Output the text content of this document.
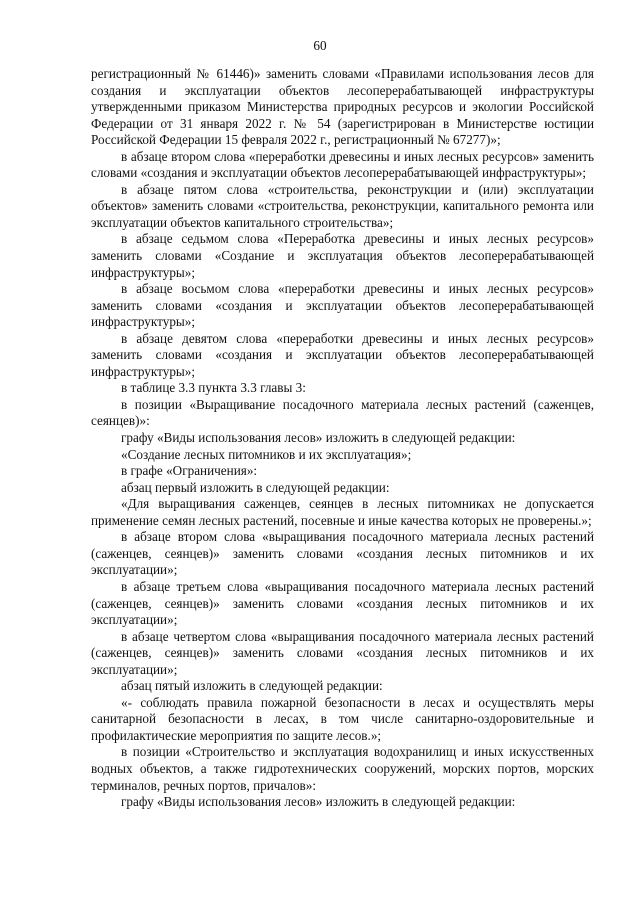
60

регистрационный № 61446)» заменить словами «Правилами использования лесов для создания и эксплуатации объектов лесоперерабатывающей инфраструктуры утвержденными приказом Министерства природных ресурсов и экологии Российской Федерации от 31 января 2022 г. № 54 (зарегистрирован в Министерстве юстиции Российской Федерации 15 февраля 2022 г., регистрационный № 67277)»;

в абзаце втором слова «переработки древесины и иных лесных ресурсов» заменить словами «создания и эксплуатации объектов лесоперерабатывающей инфраструктуры»;

в абзаце пятом слова «строительства, реконструкции и (или) эксплуатации объектов» заменить словами «строительства, реконструкции, капитального ремонта или эксплуатации объектов капитального строительства»;

в абзаце седьмом слова «Переработка древесины и иных лесных ресурсов» заменить словами «Создание и эксплуатация объектов лесоперерабатывающей инфраструктуры»;

в абзаце восьмом слова «переработки древесины и иных лесных ресурсов» заменить словами «создания и эксплуатации объектов лесоперерабатывающей инфраструктуры»;

в абзаце девятом слова «переработки древесины и иных лесных ресурсов» заменить словами «создания и эксплуатации объектов лесоперерабатывающей инфраструктуры»;

в таблице 3.3 пункта 3.3 главы 3:

в позиции «Выращивание посадочного материала лесных растений (саженцев, сеянцев)»:

графу «Виды использования лесов» изложить в следующей редакции:

«Создание лесных питомников и их эксплуатация»;

в графе «Ограничения»:

абзац первый изложить в следующей редакции:

«Для выращивания саженцев, сеянцев в лесных питомниках не допускается применение семян лесных растений, посевные и иные качества которых не проверены.»;

в абзаце втором слова «выращивания посадочного материала лесных растений (саженцев, сеянцев)» заменить словами «создания лесных питомников и их эксплуатации»;

в абзаце третьем слова «выращивания посадочного материала лесных растений (саженцев, сеянцев)» заменить словами «создания лесных питомников и их эксплуатации»;

в абзаце четвертом слова «выращивания посадочного материала лесных растений (саженцев, сеянцев)» заменить словами «создания лесных питомников и их эксплуатации»;

абзац пятый изложить в следующей редакции:

«- соблюдать правила пожарной безопасности в лесах и осуществлять меры санитарной безопасности в лесах, в том числе санитарно-оздоровительные и профилактические мероприятия по защите лесов.»;

в позиции «Строительство и эксплуатация водохранилищ и иных искусственных водных объектов, а также гидротехнических сооружений, морских портов, морских терминалов, речных портов, причалов»:

графу «Виды использования лесов» изложить в следующей редакции:
